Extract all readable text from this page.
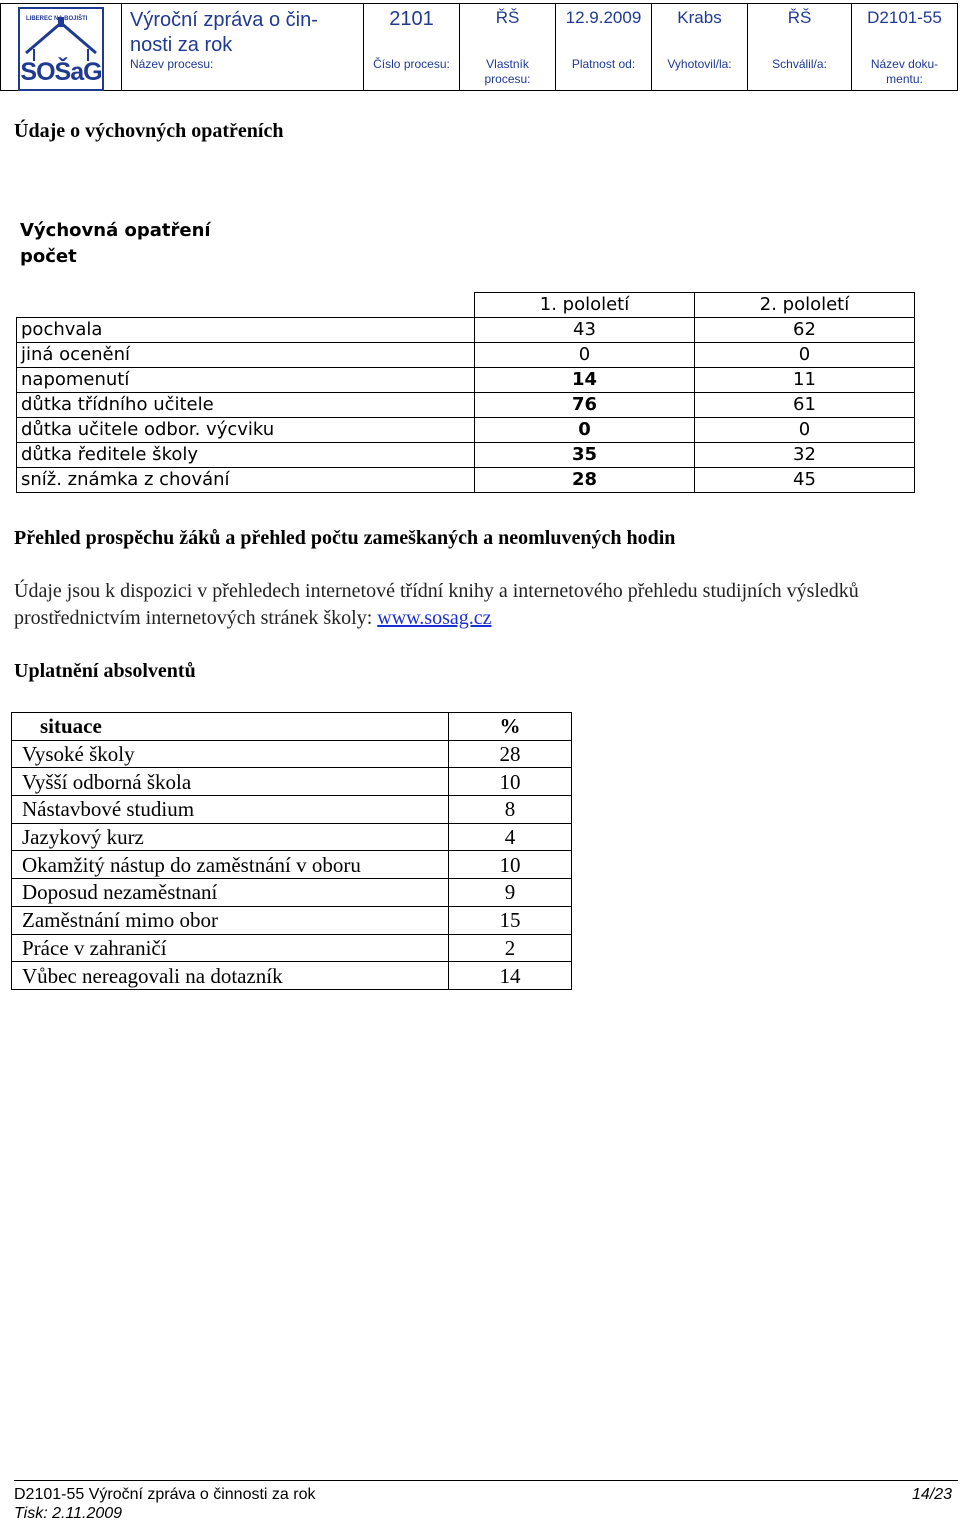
LIBEREC NA BOJIŠTI
SOŠaG
Výroční zpráva o čin-
nosti za rok
Název procesu:
2101
Číslo procesu:
ŘŠ
Vlastník
procesu:
12.9.2009
Platnost od:
Krabs
Vyhotovil/la:
ŘŠ
Schválil/a:
D2101-55
Název doku-
mentu:
Údaje o výchovných opatřeních
Výchovná opatření
počet
	1. pololetí	2. pololetí
pochvala	43	62
jiná ocenění	0	0
napomenutí	14	11
důtka třídního učitele	76	61
důtka učitele odbor. výcviku	0	0
důtka ředitele školy	35	32
sníž. známka z chování	28	45
Přehled prospěchu žáků a přehled počtu zameškaných a neomluvených hodin
Údaje jsou k dispozici v přehledech internetové třídní knihy a internetového přehledu studijních výsledků prostřednictvím internetových stránek školy: www.sosag.cz
Uplatnění absolventů
situace	%
Vysoké školy	28
Vyšší odborná škola	10
Nástavbové studium	8
Jazykový kurz	4
Okamžitý nástup do zaměstnání v oboru	10
Doposud nezaměstnaní	9
Zaměstnání mimo obor	15
Práce v zahraničí	2
Vůbec nereagovali na dotazník	14
D2101-55 Výroční zpráva o činnosti za rok	14/23
Tisk: 2.11.2009
